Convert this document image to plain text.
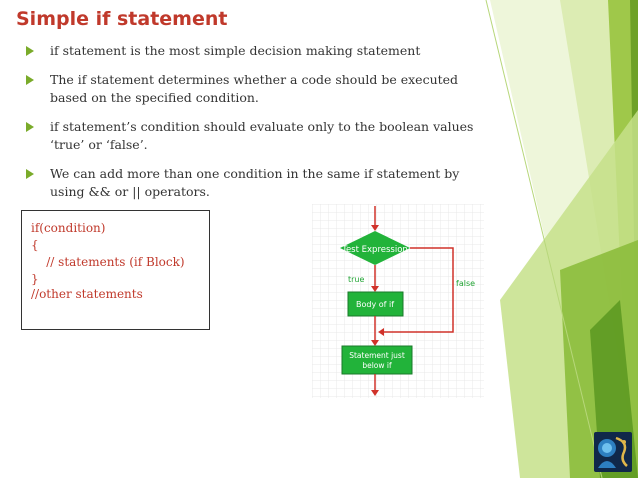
Simple if statement
if statement is the most simple decision making statement
The if statement determines whether a code should be executed based on the specified condition.
if statement’s condition should evaluate only to the boolean values ‘true’ or ‘false’.
We can add more than one condition in the same if statement by using && or || operators.
if(condition)
{
// statements (if Block)
}
//other statements
Test Expression
true	false
Body of if
Statement just
below if
